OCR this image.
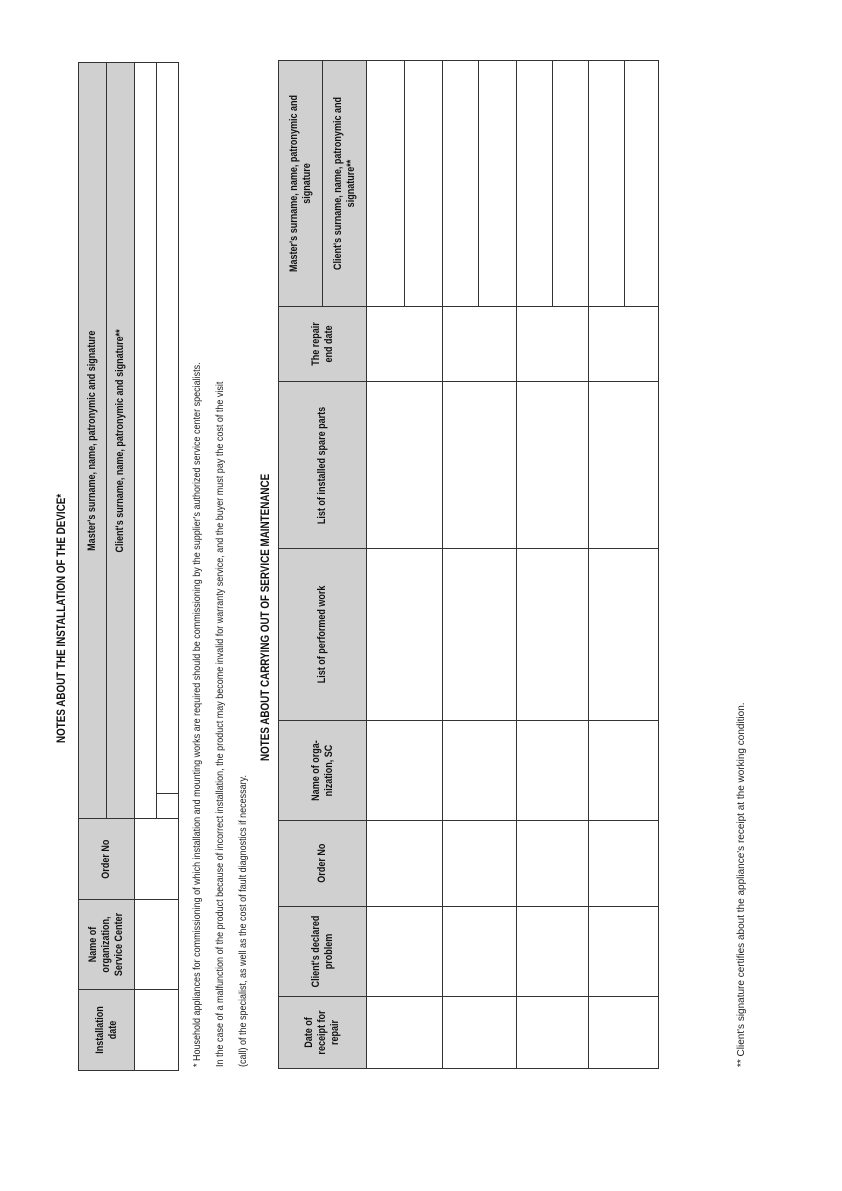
NOTES ABOUT THE INSTALLATION OF THE DEVICE*
Installation date	Name of organization, Service Center	Order No	Master's surname, name, patronymic and signature	
			Client's surname, name, patronymic and signature**	

		* Household appliances for commissioning of which installation and mounting works are required should be commissioning by the supplier's authorized service center specialists. In the case of a malfunction of the product because of incorrect installation, the product may become invalid for warranty service, and the buyer must pay the cost of the visit (call) of the specialist, as well as the cost of fault diagnostics if necessary.
NOTES ABOUT CARRYING OUT OF SERVICE MAINTENANCE
Date of receipt for repair	Client's declared problem	Order No	Name of orga-nization, SC	List of performed work	List of installed spare parts	The repair end date	Master's surname, name, patronymic and signature
							Client's surname, name, patronymic and signature**

** Client's signature certifies about the appliance's receipt at the working condition.
